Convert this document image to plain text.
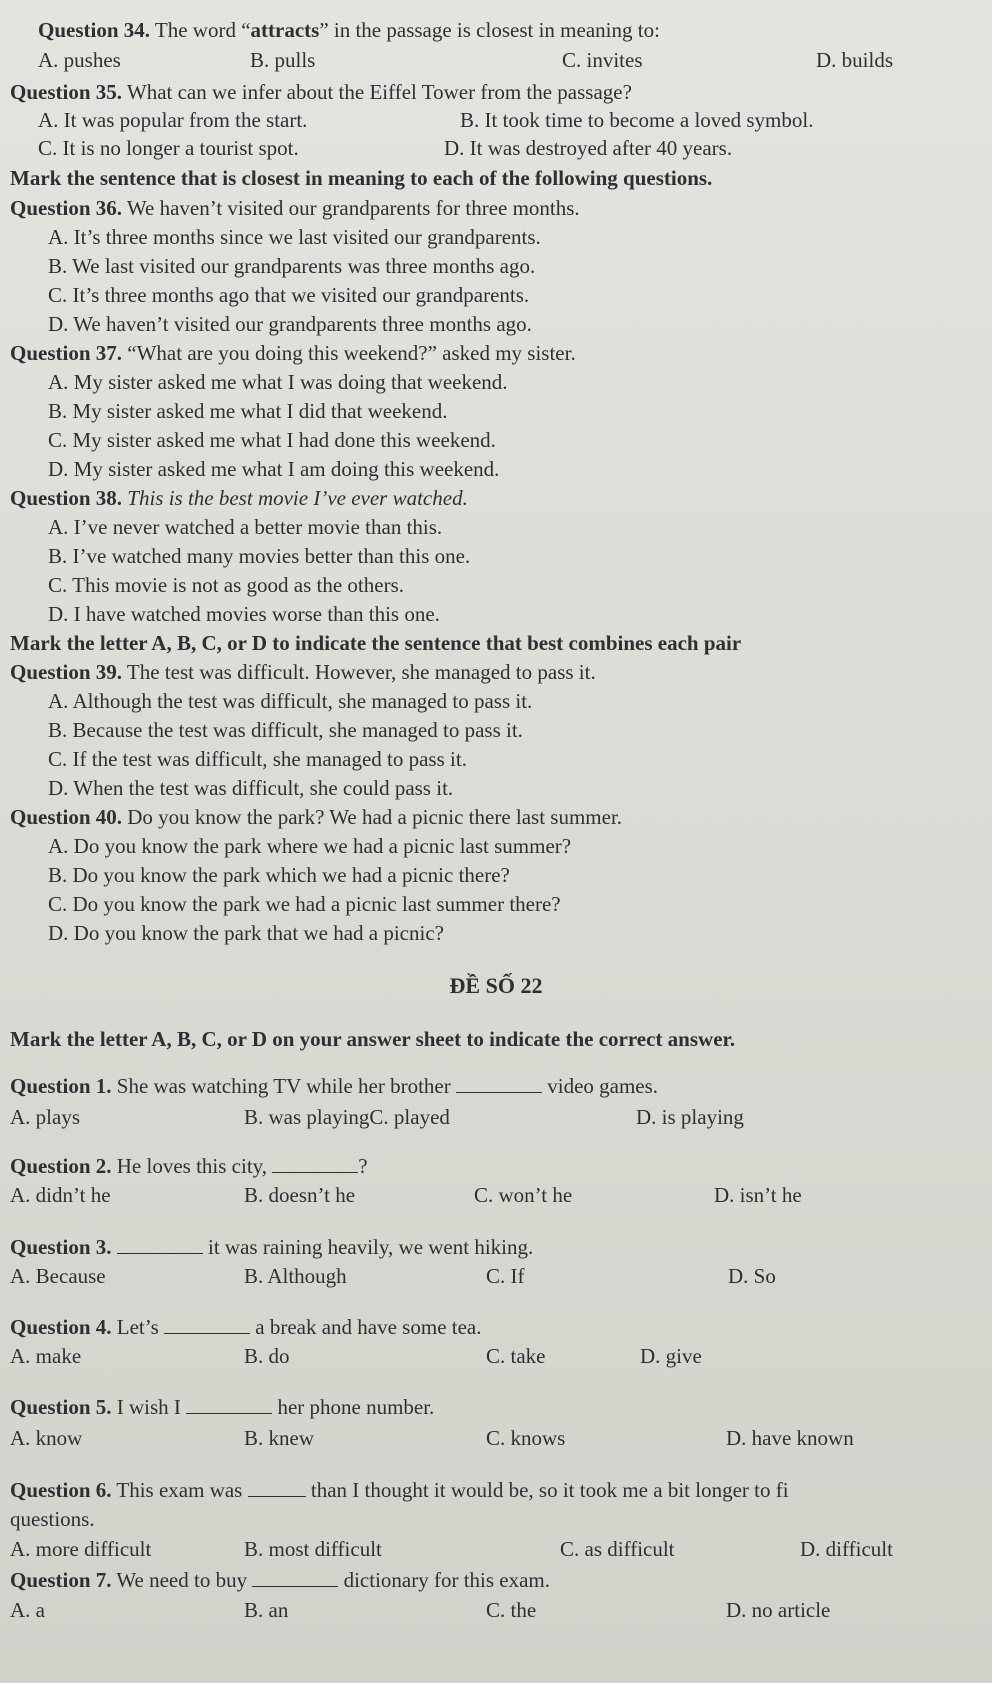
Question 34. The word “attracts” in the passage is closest in meaning to:
A. pushes	B. pulls	C. invites	D. builds
Question 35. What can we infer about the Eiffel Tower from the passage?
A. It was popular from the start.	B. It took time to become a loved symbol.
C. It is no longer a tourist spot.	D. It was destroyed after 40 years.
Mark the sentence that is closest in meaning to each of the following questions.
Question 36. We haven’t visited our grandparents for three months.
A. It’s three months since we last visited our grandparents.
B. We last visited our grandparents was three months ago.
C. It’s three months ago that we visited our grandparents.
D. We haven’t visited our grandparents three months ago.
Question 37. “What are you doing this weekend?” asked my sister.
A. My sister asked me what I was doing that weekend.
B. My sister asked me what I did that weekend.
C. My sister asked me what I had done this weekend.
D. My sister asked me what I am doing this weekend.
Question 38. This is the best movie I’ve ever watched.
A. I’ve never watched a better movie than this.
B. I’ve watched many movies better than this one.
C. This movie is not as good as the others.
D. I have watched movies worse than this one.
Mark the letter A, B, C, or D to indicate the sentence that best combines each pair
Question 39. The test was difficult. However, she managed to pass it.
A. Although the test was difficult, she managed to pass it.
B. Because the test was difficult, she managed to pass it.
C. If the test was difficult, she managed to pass it.
D. When the test was difficult, she could pass it.
Question 40. Do you know the park? We had a picnic there last summer.
A. Do you know the park where we had a picnic last summer?
B. Do you know the park which we had a picnic there?
C. Do you know the park we had a picnic last summer there?
D. Do you know the park that we had a picnic?
ĐỀ SỐ 22
Mark the letter A, B, C, or D on your answer sheet to indicate the correct answer.
Question 1. She was watching TV while her brother	video games.
A. plays	B. was playingC. played	D. is playing
Question 2. He loves this city,	?
A. didn’t he	B. doesn’t he	C. won’t he	D. isn’t he
Question 3.	it was raining heavily, we went hiking.
A. Because	B. Although	C. If	D. So
Question 4. Let’s	a break and have some tea.
A. make	B. do	C. take	D. give
Question 5. I wish I	her phone number.
A. know	B. knew	C. knows	D. have known
Question 6. This exam was	than I thought it would be, so it took me a bit longer to fi
questions.
A. more difficult	B. most difficult	C. as difficult	D. difficult
Question 7. We need to buy	dictionary for this exam.
A. a	B. an	C. the	D. no article
